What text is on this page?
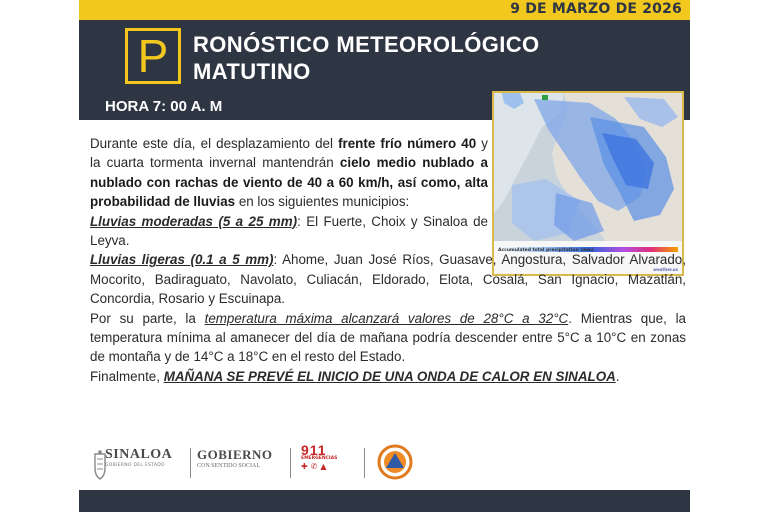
9 DE MARZO DE 2026
P	RONÓSTICO METEOROLÓGICO
MATUTINO
HORA 7: 00 A. M
Accumulated total precipitation (mm)
weather.us

Durante este día, el desplazamiento del frente frío número 40 y la cuarta tormenta invernal mantendrán cielo medio nublado a nublado con rachas de viento de 40 a 60 km/h, así como, alta probabilidad de lluvias en los siguientes municipios:

Lluvias moderadas (5 a 25 mm): El Fuerte, Choix y Sinaloa de Leyva.

Lluvias ligeras (0.1 a 5 mm): Ahome, Juan José Ríos, Guasave, Angostura, Salvador Alvarado, Mocorito, Badiraguato, Navolato, Culiacán, Eldorado, Elota, Cosalá, San Ignacio, Mazatlán, Concordia, Rosario y Escuinapa.

Por su parte, la temperatura máxima alcanzará valores de 28°C a 32°C. Mientras que, la temperatura mínima al amanecer del día de mañana podría descender entre 5°C a 10°C en zonas de montaña y de 14°C a 18°C en el resto del Estado.

Finalmente, MAÑANA SE PREVÉ EL INICIO DE UNA ONDA DE CALOR EN SINALOA.

SINALOA
GOBIERNO DEL ESTADO
GOBIERNO
CON SENTIDO SOCIAL
911
EMERGENCIAS
✚✆▲
